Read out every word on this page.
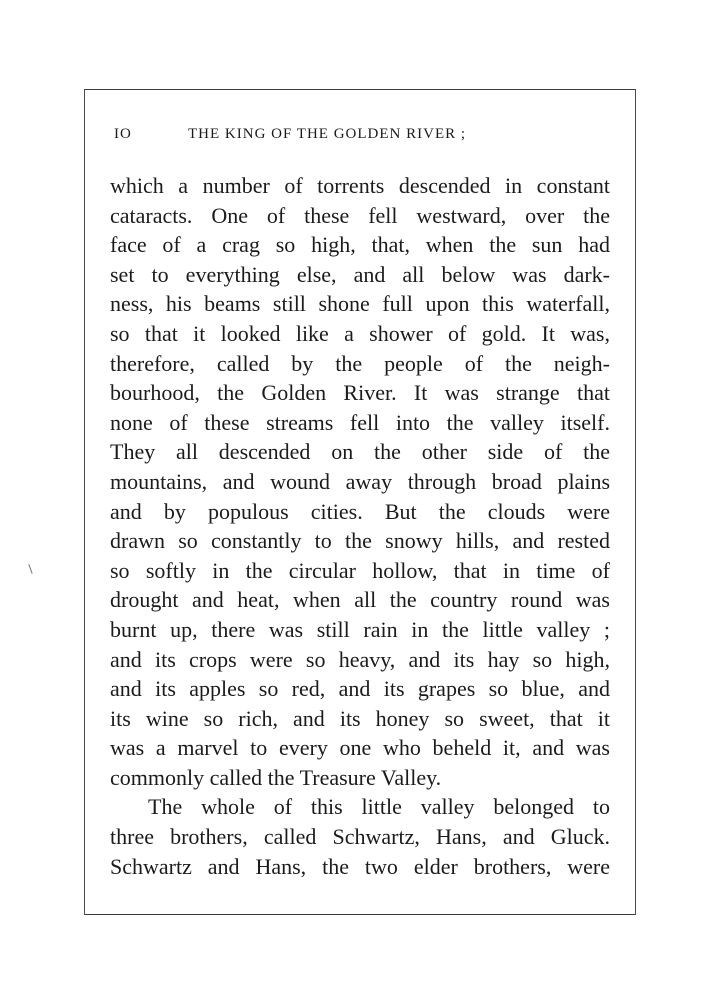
IO	THE KING OF THE GOLDEN RIVER ;
which a number of torrents descended in constant
cataracts. One of these fell westward, over the
face of a crag so high, that, when the sun had
set to everything else, and all below was dark-
ness, his beams still shone full upon this waterfall,
so that it looked like a shower of gold. It was,
therefore, called by the people of the neigh-
bourhood, the Golden River. It was strange that
none of these streams fell into the valley itself.
They all descended on the other side of the
mountains, and wound away through broad plains
and by populous cities. But the clouds were
drawn so constantly to the snowy hills, and rested
so softly in the circular hollow, that in time of
drought and heat, when all the country round was
burnt up, there was still rain in the little valley ;
and its crops were so heavy, and its hay so high,
and its apples so red, and its grapes so blue, and
its wine so rich, and its honey so sweet, that it
was a marvel to every one who beheld it, and was
commonly called the Treasure Valley.
The whole of this little valley belonged to
three brothers, called Schwartz, Hans, and Gluck.
Schwartz and Hans, the two elder brothers, were
